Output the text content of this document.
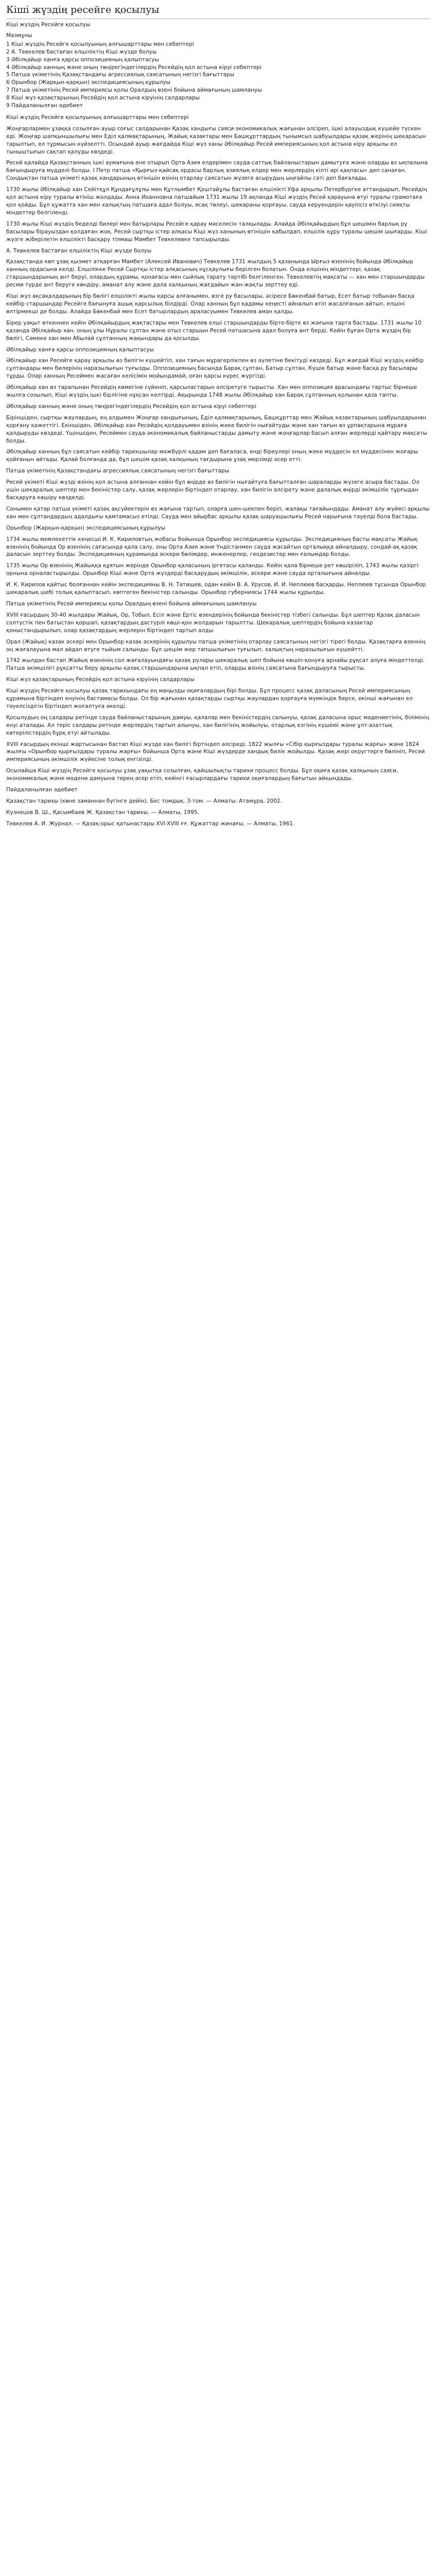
Кіші жүздің ресейге қосылуы
Кіші жүздің Ресейге қосылуы
Мазмұны
1 Кіші жүздің Ресейге қосылуының алғышарттары мен себептері
2 А. Тевкелев бастаған елшіліктің Кіші жүзде болуы
3 Әбілқайыр ханға қарсы оппозицияның қалыптасуы
4 Әбілқайыр ханның және оның төңірегіндегілердің Ресейдің қол астына кіруі себептері
5 Патша үкіметінің Қазақстандағы агрессиялық саясатының негізгі бағыттары
6 Орынбор (Жарқын-қарқын) экспедициясының құрылуы
7 Патша үкіметінің Ресей империясы қолы Оралдың өзені бойына аймағының шамлануы
8 Кіші жүз қазақтарының Ресейдің қол астына кіруінің салдарлары
9 Пайдаланылған әдебиет

Кіші жүздің Ресейге қосылуының алғышарттары мен себептері

Жоңғарлармен ұзаққа созылған ауыр соғыс салдарынан Қазақ хандығы саяси-экономикалық жағынан әлсіреп, ішкі алауыздық күшейе түскен еді. Жоңғар шапқыншылығы мен Еділ қалмақтарының, Жайық казактары мен Башқұрттардың тынымсыз шабуылдары қазақ жерінің шекарасын тарылтып, ел тұрмысын күйзелтті. Осындай ауыр жағдайда Кіші жүз ханы Әбілқайыр Ресей империясының қол астына кіру арқылы ел тыныштығын сақтап қалуды көздеді.

Ресей қалайда Қазақстанның ішкі аумағына ене отырып Орта Азия елдерімен сауда-саттық байланыстарын дамытуға және оларды өз ықпалына бағындыруға мүдделі болды. І Петр патша «Қырғыз-қайсақ ордасы барлық азиялық елдер мен жерлердің кілті әрі қақпасы» деп санаған. Сондықтан патша үкіметі қазақ хандарының өтінішін өзінің отарлау саясатын жүзеге асырудың ыңғайлы сәті деп бағалады.

1730 жылы Әбілқайыр хан Сейітқұл Құндағұлұлы мен Құтлымбет Қоштайұлы бастаған елшілікті Уфа арқылы Петербургке аттандырып, Ресейдің қол астына кіру туралы өтініш жолдады. Анна Иоанновна патшайым 1731 жылы 19 ақпанда Кіші жүздің Ресей қарауына өтуі туралы грамотаға қол қойды. Бұл құжатта хан мен халықтың патшаға адал болуы, ясақ төлеуі, шекараны қорғауы, сауда керуендерін қауіпсіз өткізуі сияқты міндеттер белгіленді.

1730 жылы Кіші жүздің беделді билері мен батырлары Ресейге қарау мәселесін талқылады. Алайда Әбілқайырдың бұл шешімін барлық ру басылары бірауыздан қолдаған жоқ. Ресей сыртқы істер алқасы Кіші жүз ханының өтінішін қабылдап, елшілік құру туралы шешім шығарды. Кіші жүзге жіберілетін елшілікті басқару тілмаш Мамбет Тевкелевке тапсырылды.

А. Тевкелев бастаған елшіліктің Кіші жүзде болуы

Қазақстанда көп ұзақ қызмет атқарған Мамбет (Алексей Иванович) Тевкелев 1731 жылдың 5 қазанында Ырғыз өзенінің бойында Әбілқайыр ханның ордасына келді. Елшілікке Ресей Сыртқы істер алқасының нұсқаулығы берілген болатын. Онда елшінің міндеттері, қазақ старшындарының ант беруі, олардың құрамы, қонағасы мен сыйлық тарату тәртібі белгіленген. Тевкелевтің мақсаты — хан мен старшындарды ресми түрде ант беруге көндіру, аманат алу және дала халқының жағдайын жан-жақты зерттеу еді.

Кіші жүз ақсақалдарының бір бөлігі елшілікті жылы қарсы алғанымен, өзге ру басылары, әсіресе Бөкенбай батыр, Есет батыр тобынан басқа кейбір старшындар Ресейге бағынуға ашық қарсылық білдірді. Олар ханның бұл қадамы кеңесті айналып өтіп жасалғанын айтып, елшіні өлтірмекші де болды. Алайда Бөкенбай мен Есет батырлардың араласуымен Тевкелев аман қалды.

Бірер уақыт өткеннен кейін Әбілқайырдың жақтастары мен Тевкелев елші старшындарды бірте-бірте өз жағына тарта бастады. 1731 жылы 10 қазанда Әбілқайыр хан, оның ұлы Нұралы сұлтан және отыз старшын Ресей патшасына адал болуға ант берді. Кейін бұған Орта жүздің бір бөлігі, Сәмеке хан мен Абылай сұлтанның жақындары да қосылды.

Әбілқайыр ханға қарсы оппозицияның қалыптасуы

Әбілқайыр хан Ресейге қарау арқылы өз билігін күшейтіп, хан тағын мұрагерлікпен өз әулетіне бекітуді көздеді. Бұл жағдай Кіші жүздің кейбір сұлтандары мен билерінің наразылығын туғызды. Оппозицияның басында Барақ сұлтан, Батыр сұлтан, Күшік батыр және басқа ру басылары тұрды. Олар ханның Ресеймен жасаған келісімін мойындамай, оған қарсы күрес жүргізді.

Әбілқайыр хан өз тарапынан Ресейдің көмегіне сүйеніп, қарсыластарын әлсіретуге тырысты. Хан мен оппозиция арасындағы тартыс бірнеше жылға созылып, Кіші жүздің ішкі бірлігіне нұқсан келтірді. Ақырында 1748 жылы Әбілқайыр хан Барақ сұлтанның қолынан қаза тапты.

Әбілқайыр ханның және оның төңірегіндегілердің Ресейдің қол астына кіруі себептері

Біріншіден, сыртқы жаулардың, ең алдымен Жоңғар хандығының, Еділ қалмақтарының, Башқұрттар мен Жайық казактарының шабуылдарынан қорғану қажеттігі. Екіншіден, Әбілқайыр хан Ресейдің қолдауымен өзінің жеке билігін нығайтуды және хан тағын өз ұрпақтарына мұраға қалдыруды көздеді. Үшіншіден, Ресеймен сауда-экономикалық байланыстарды дамыту және жоңғарлар басып алған жерлерді қайтару мақсаты болды.

Әбілқайыр ханның бұл саясатын кейбір тарихшылар мәжбүрлі қадам деп бағаласа, енді біреулері оның жеке мүддесін ел мүддесінен жоғары қойғанын айтады. Қалай болғанда да, бұл шешім қазақ халқының тағдырына ұзақ мерзімді әсер етті.

Патша үкіметінің Қазақстандағы агрессиялық саясатының негізгі бағыттары

Ресей үкіметі Кіші жүзді өзінің қол астына алғаннан кейін бұл өңірде өз билігін нығайтуға бағытталған шараларды жүзеге асыра бастады. Ол үшін шекаралық шептер мен бекіністер салу, қазақ жерлерін біртіндеп отарлау, хан билігін әлсірету және далалық өңірді әкімшілік тұрғыдан басқаруға көшіру көзделді.

Сонымен қатар патша үкіметі қазақ ақсүйектерін өз жағына тартып, оларға шен-шекпен беріп, жалақы тағайындады. Аманат алу жүйесі арқылы хан мен сұлтандардың адалдығы қамтамасыз етілді. Сауда мен айырбас арқылы қазақ шаруашылығы Ресей нарығына тәуелді бола бастады.

Орынбор (Жарқын-қарқын) экспедициясының құрылуы

1734 жылы мемлекеттік кеңесші И. К. Кириловтың жобасы бойынша Орынбор экспедициясы құрылды. Экспедицияның басты мақсаты Жайық өзенінің бойында Ор өзенінің сағасында қала салу, оны Орта Азия және Үндістанмен сауда жасайтын орталыққа айналдыру, сондай-ақ қазақ даласын зерттеу болды. Экспедицияның құрамында әскери бөлімдер, инженерлер, геодезистер мен ғалымдар болды.

1735 жылы Ор өзенінің Жайыққа құятын жерінде Орынбор қаласының іргетасы қаланды. Кейін қала бірнеше рет көшіріліп, 1743 жылы қазіргі орнына орналастырылды. Орынбор Кіші және Орта жүздерді басқарудың әкімшілік, әскери және сауда орталығына айналды.

И. К. Кирилов қайтыс болғаннан кейін экспедицияны В. Н. Татищев, одан кейін В. А. Урусов, И. И. Неплюев басқарды. Неплюев тұсында Орынбор шекаралық шебі толық қалыптасып, көптеген бекіністер салынды. Орынбор губерниясы 1744 жылы құрылды.

Патша үкіметінің Ресей империясы қолы Оралдың өзені бойына аймағының шамлануы

XVIII ғасырдың 30-40 жылдары Жайық, Ор, Тобыл, Есіл және Ертіс өзендерінің бойында бекіністер тізбегі салынды. Бұл шептер Қазақ даласын солтүстік пен батыстан қоршап, қазақтардың дәстүрлі көші-қон жолдарын тарылтты. Шекаралық шептердің бойына казактар қоныстандырылып, олар қазақтардың жерлерін біртіндеп тартып алды.

Орал (Жайық) казак әскері мен Орынбор казак әскерінің құрылуы патша үкіметінің отарлау саясатының негізгі тірегі болды. Қазақтарға өзеннің оң жағалауына мал айдап өтуге тыйым салынды. Бұл шешім жер тапшылығын туғызып, халықтың наразылығын күшейтті.

1742 жылдан бастап Жайық өзенінің сол жағалауындағы қазақ рулары шекаралық шеп бойына көшіп-қонуға арнайы рұқсат алуға міндеттелді. Патша әкімшілігі рұқсатты беру арқылы қазақ старшындарына ықпал етіп, оларды өзінің саясатына бағындыруға тырысты.

Кіші жүз қазақтарының Ресейдің қол астына кіруінің салдарлары

Кіші жүздің Ресейге қосылуы қазақ тарихындағы ең маңызды оқиғалардың бірі болды. Бұл процесс қазақ даласының Ресей империясының құрамына біртіндеп енуінің бастамасы болды. Ол бір жағынан қазақтарды сыртқы жаулардан қорғауға мүмкіндік берсе, екінші жағынан ел тәуелсіздігін біртіндеп жоғалтуға әкелді.

Қосылудың оң салдары ретінде сауда байланыстарының дамуы, қалалар мен бекіністердің салынуы, қазақ даласына орыс мәдениетінің, білімінің енуі аталады. Ал теріс салдары ретінде жерлердің тартып алынуы, хан билігінің жойылуы, отарлық езгінің күшеюі және ұлт-азаттық көтерілістердің бұрқ етуі айтылады.

XVIII ғасырдың екінші жартысынан бастап Кіші жүзде хан билігі біртіндеп әлсіреді. 1822 жылғы «Сібір қырғыздары туралы жарғы» және 1824 жылғы «Орынбор қырғыздары туралы жарғы» бойынша Орта және Кіші жүздерде хандық билік жойылды. Қазақ жері округтерге бөлініп, Ресей империясының әкімшілік жүйесіне толық енгізілді.

Осылайша Кіші жүздің Ресейге қосылуы ұзақ уақытқа созылған, қайшылықты тарихи процесс болды. Бұл оқиға қазақ халқының саяси, экономикалық және мәдени дамуына терең әсер етіп, кейінгі ғасырлардағы тарихи оқиғалардың бағытын айқындады.

Пайдаланылған әдебиет

Қазақстан тарихы (көне заманнан бүгінге дейін). Бес томдық. 3-том. — Алматы: Атамұра, 2002.

Кузнецов В. Ш., Қасымбаев Ж. Қазақстан тарихы. — Алматы, 1995.

Тевкелев А. И. Журнал. — Қазақ-орыс қатынастары XVI-XVIII ғғ. Құжаттар жинағы. — Алматы, 1961.
